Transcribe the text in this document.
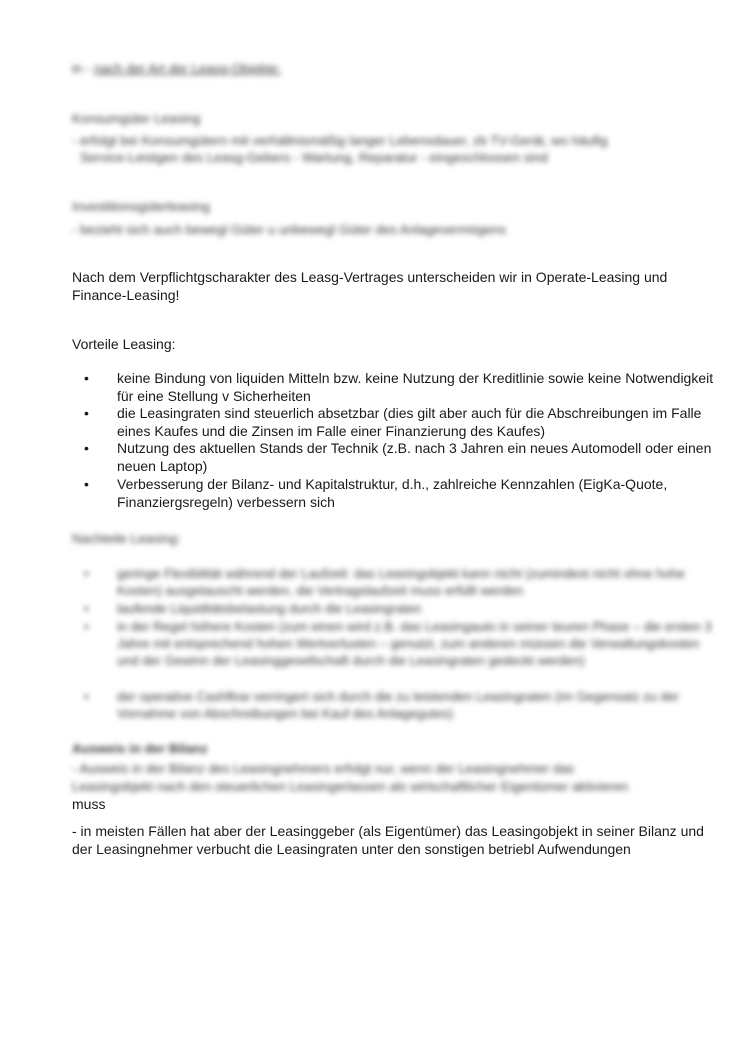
in - nach der Art der Leasg-Objekte:
Konsumgüter Leasing
- erfolgt bei Konsumgütern mit verhältnismäßig langer Lebensdauer, zb TV-Gerät, wo häufig
Service-Leistgen des Leasg-Gebers - Wartung, Reparatur - eingeschlossen sind
Investitionsgüterleasing
- bezieht sich auch bewegl Güter u unbewegl Güter des Anlagevermögens
Nach dem Verpflichtgscharakter des Leasg-Vertrages unterscheiden wir in Operate-Leasing und Finance-Leasing!
Vorteile Leasing:
•	keine Bindung von liquiden Mitteln bzw. keine Nutzung der Kreditlinie sowie keine Notwendigkeit für eine Stellung v Sicherheiten
•	die Leasingraten sind steuerlich absetzbar (dies gilt aber auch für die Abschreibungen im Falle eines Kaufes und die Zinsen im Falle einer Finanzierung des Kaufes)
•	Nutzung des aktuellen Stands der Technik (z.B. nach 3 Jahren ein neues Automodell oder einen neuen Laptop)
•	Verbesserung der Bilanz- und Kapitalstruktur, d.h., zahlreiche Kennzahlen (EigKa-Quote, Finanziergsregeln) verbessern sich
Nachteile Leasing:
•	geringe Flexibilität während der Laufzeit: das Leasingobjekt kann nicht (zumindest nicht ohne hohe Kosten) ausgetauscht werden, die Vertragslaufzeit muss erfüllt werden
•	laufende Liquiditätsbelastung durch die Leasingraten
•	in der Regel höhere Kosten (zum einen wird z.B. das Leasingauto in seiner teuren Phase – die ersten 3 Jahre mit entsprechend hohen Wertverlusten – genutzt, zum anderen müssen die Verwaltungskosten und der Gewinn der Leasinggesellschaft durch die Leasingraten gedeckt werden)
•	der operative Cashflow verringert sich durch die zu leistenden Leasingraten (im Gegensatz zu der Vornahme von Abschreibungen bei Kauf des Anlagegutes)
Ausweis in der Bilanz
- Ausweis in der Bilanz des Leasingnehmers erfolgt nur, wenn der Leasingnehmer das
Leasingobjekt nach den steuerlichen Leasingerlassen als wirtschaftlicher Eigentümer aktivieren
muss
- in meisten Fällen hat aber der Leasinggeber (als Eigentümer) das Leasingobjekt in seiner Bilanz und der Leasingnehmer verbucht die Leasingraten unter den sonstigen betriebl Aufwendungen
